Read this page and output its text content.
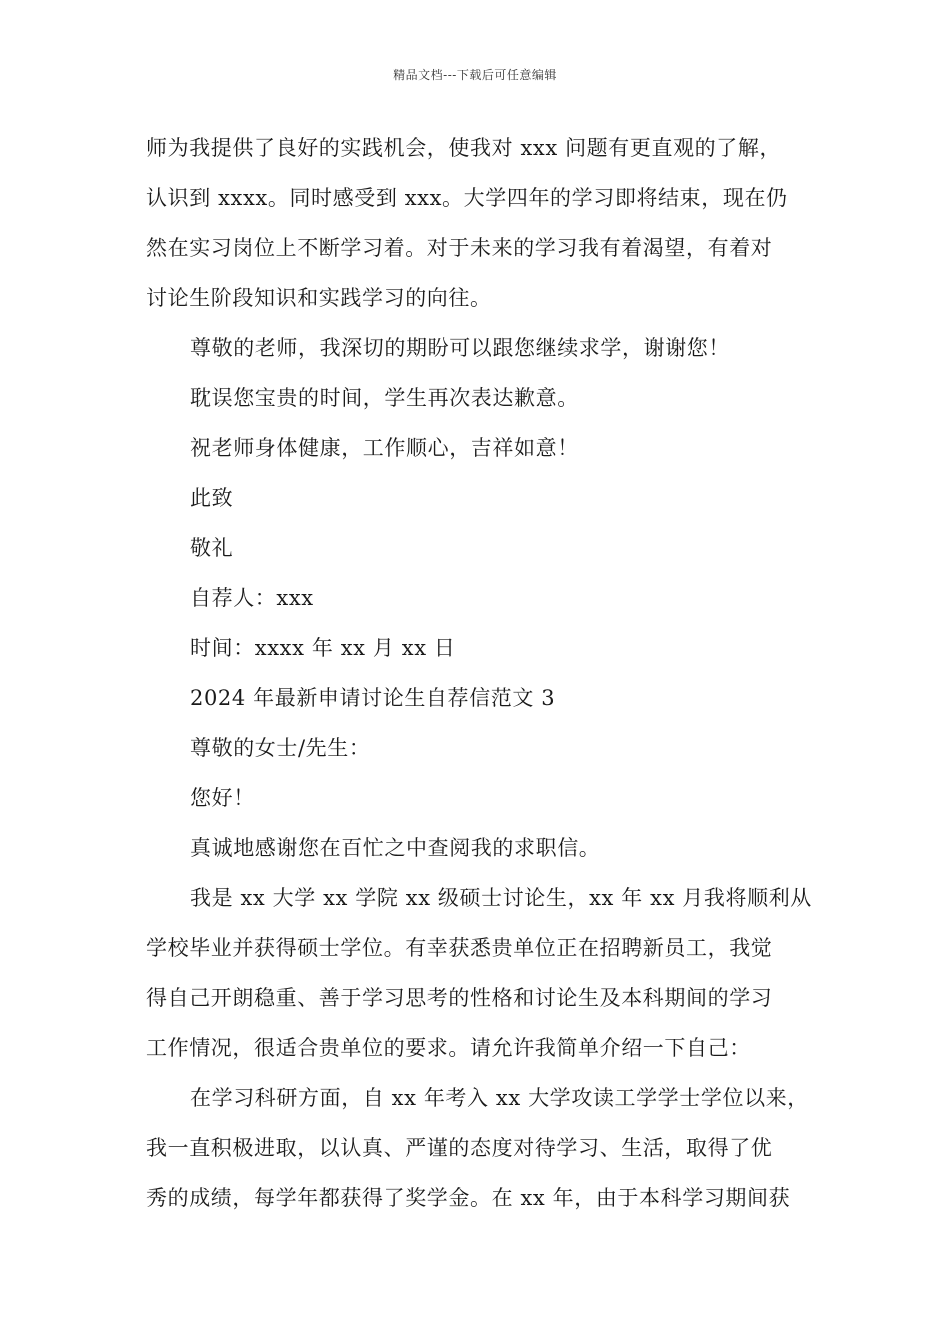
精品文档---下载后可任意编辑
师为我提供了良好的实践机会，使我对 xxx 问题有更直观的了解，
认识到 xxxx。同时感受到 xxx。大学四年的学习即将结束，现在仍
然在实习岗位上不断学习着。对于未来的学习我有着渴望，有着对
讨论生阶段知识和实践学习的向往。
尊敬的老师，我深切的期盼可以跟您继续求学，谢谢您！
耽误您宝贵的时间，学生再次表达歉意。
祝老师身体健康，工作顺心，吉祥如意！
此致
敬礼
自荐人：xxx
时间：xxxx 年 xx 月 xx 日
2024 年最新申请讨论生自荐信范文 3
尊敬的女士/先生：
您好！
真诚地感谢您在百忙之中查阅我的求职信。
我是 xx 大学 xx 学院 xx 级硕士讨论生，xx 年 xx 月我将顺利从
学校毕业并获得硕士学位。有幸获悉贵单位正在招聘新员工，我觉
得自己开朗稳重、善于学习思考的性格和讨论生及本科期间的学习
工作情况，很适合贵单位的要求。请允许我简单介绍一下自己：
在学习科研方面，自 xx 年考入 xx 大学攻读工学学士学位以来，
我一直积极进取，以认真、严谨的态度对待学习、生活，取得了优
秀的成绩，每学年都获得了奖学金。在 xx 年，由于本科学习期间获
